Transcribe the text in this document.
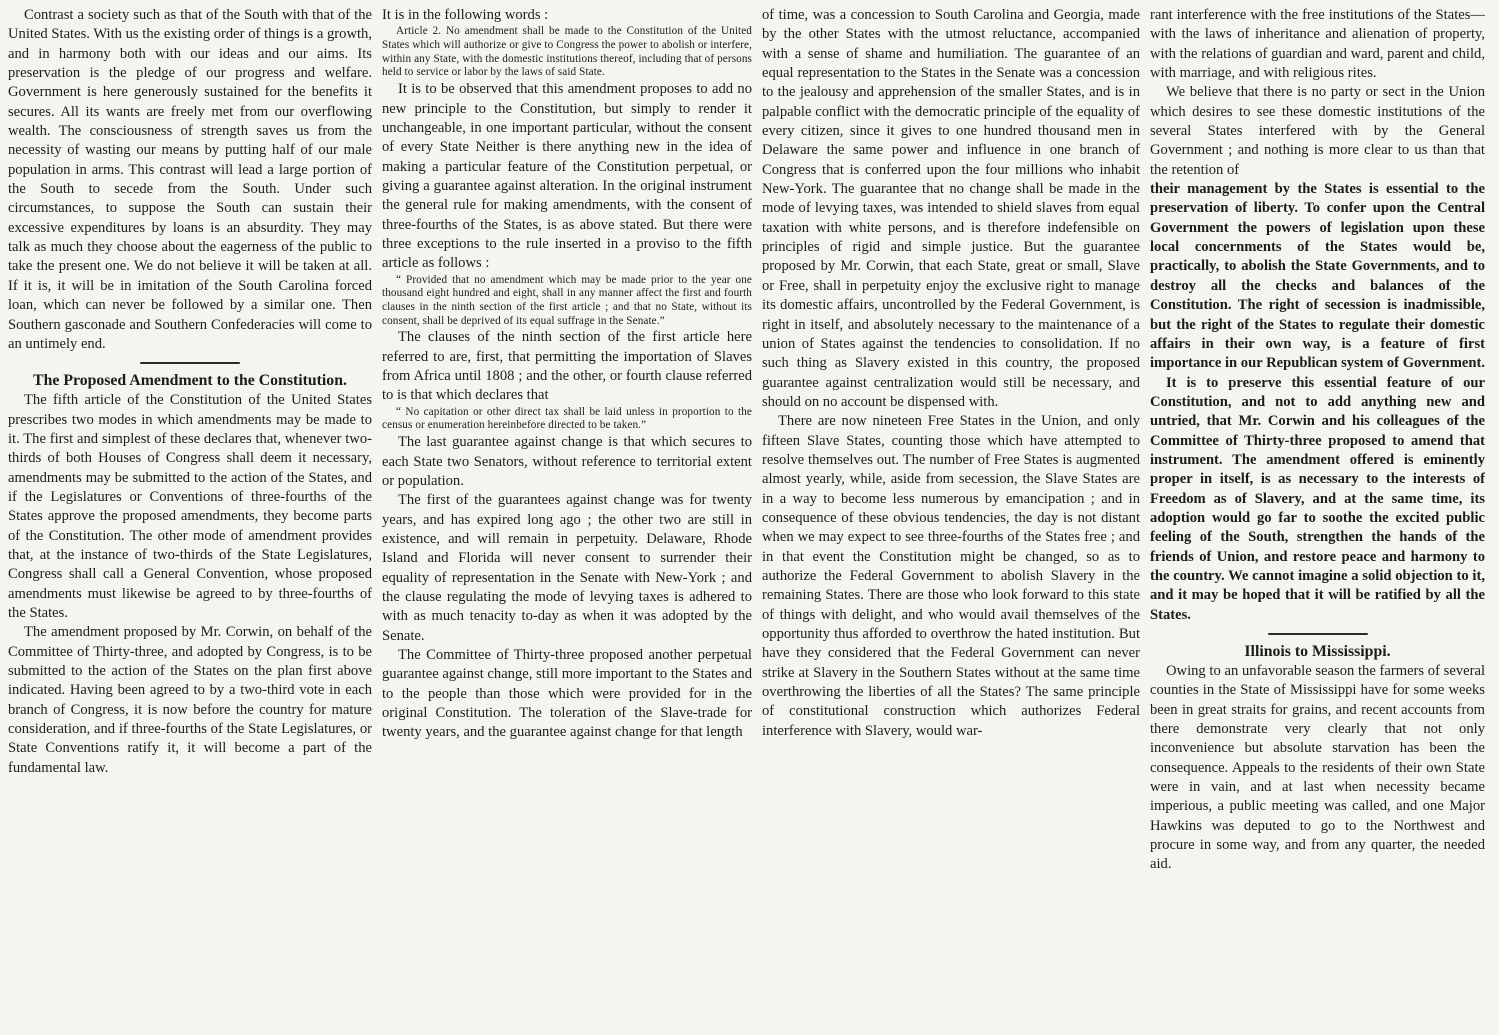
Contrast a society such as that of the South with that of the United States. With us the existing order of things is a growth, and in harmony both with our ideas and our aims. Its preservation is the pledge of our progress and welfare. Government is here generously sustained for the benefits it secures. All its wants are freely met from our overflowing wealth. The consciousness of strength saves us from the necessity of wasting our means by putting half of our male population in arms. This contrast will lead a large portion of the South to secede from the South. Under such circumstances, to suppose the South can sustain their excessive expenditures by loans is an absurdity. They may talk as much they choose about the eagerness of the public to take the present one. We do not believe it will be taken at all. If it is, it will be in imitation of the South Carolina forced loan, which can never be followed by a similar one. Then Southern gasconade and Southern Confederacies will come to an untimely end.

The Proposed Amendment to the Constitution.

The fifth article of the Constitution of the United States prescribes two modes in which amendments may be made to it. The first and simplest of these declares that, whenever two-thirds of both Houses of Congress shall deem it necessary, amendments may be submitted to the action of the States, and if the Legislatures or Conventions of three-fourths of the States approve the proposed amendments, they become parts of the Constitution. The other mode of amendment provides that, at the instance of two-thirds of the State Legislatures, Congress shall call a General Convention, whose proposed amendments must likewise be agreed to by three-fourths of the States.

The amendment proposed by Mr. Corwin, on behalf of the Committee of Thirty-three, and adopted by Congress, is to be submitted to the action of the States on the plan first above indicated. Having been agreed to by a two-third vote in each branch of Congress, it is now before the country for mature consideration, and if three-fourths of the State Legislatures, or State Conventions ratify it, it will become a part of the fundamental law.

It is in the following words :

Article 2. No amendment shall be made to the Constitution of the United States which will authorize or give to Congress the power to abolish or interfere, within any State, with the domestic institutions thereof, including that of persons held to service or labor by the laws of said State.

It is to be observed that this amendment proposes to add no new principle to the Constitution, but simply to render it unchangeable, in one important particular, without the consent of every State Neither is there anything new in the idea of making a particular feature of the Constitution perpetual, or giving a guarantee against alteration. In the original instrument the general rule for making amendments, with the consent of three-fourths of the States, is as above stated. But there were three exceptions to the rule inserted in a proviso to the fifth article as follows :

“ Provided that no amendment which may be made prior to the year one thousand eight hundred and eight, shall in any manner affect the first and fourth clauses in the ninth section of the first article ; and that no State, without its consent, shall be deprived of its equal suffrage in the Senate.”

The clauses of the ninth section of the first article here referred to are, first, that permitting the importation of Slaves from Africa until 1808 ; and the other, or fourth clause referred to is that which declares that

“ No capitation or other direct tax shall be laid unless in proportion to the census or enumeration hereinbefore directed to be taken.”

The last guarantee against change is that which secures to each State two Senators, without reference to territorial extent or population.

The first of the guarantees against change was for twenty years, and has expired long ago ; the other two are still in existence, and will remain in perpetuity. Delaware, Rhode Island and Florida will never consent to surrender their equality of representation in the Senate with New-York ; and the clause regulating the mode of levying taxes is adhered to with as much tenacity to-day as when it was adopted by the Senate.

The Committee of Thirty-three proposed another perpetual guarantee against change, still more important to the States and to the people than those which were provided for in the original Constitution. The toleration of the Slave-trade for twenty years, and the guarantee against change for that length

of time, was a concession to South Carolina and Georgia, made by the other States with the utmost reluctance, accompanied with a sense of shame and humiliation. The guarantee of an equal representation to the States in the Senate was a concession to the jealousy and apprehension of the smaller States, and is in palpable conflict with the democratic principle of the equality of every citizen, since it gives to one hundred thousand men in Delaware the same power and influence in one branch of Congress that is conferred upon the four millions who inhabit New-York. The guarantee that no change shall be made in the mode of levying taxes, was intended to shield slaves from equal taxation with white persons, and is therefore indefensible on principles of rigid and simple justice. But the guarantee proposed by Mr. Corwin, that each State, great or small, Slave or Free, shall in perpetuity enjoy the exclusive right to manage its domestic affairs, uncontrolled by the Federal Government, is right in itself, and absolutely necessary to the maintenance of a union of States against the tendencies to consolidation. If no such thing as Slavery existed in this country, the proposed guarantee against centralization would still be necessary, and should on no account be dispensed with.

There are now nineteen Free States in the Union, and only fifteen Slave States, counting those which have attempted to resolve themselves out. The number of Free States is augmented almost yearly, while, aside from secession, the Slave States are in a way to become less numerous by emancipation ; and in consequence of these obvious tendencies, the day is not distant when we may expect to see three-fourths of the States free ; and in that event the Constitution might be changed, so as to authorize the Federal Government to abolish Slavery in the remaining States. There are those who look forward to this state of things with delight, and who would avail themselves of the opportunity thus afforded to overthrow the hated institution. But have they considered that the Federal Government can never strike at Slavery in the Southern States without at the same time overthrowing the liberties of all the States? The same principle of constitutional construction which authorizes Federal interference with Slavery, would war-

rant interference with the free institutions of the States—with the laws of inheritance and alienation of property, with the relations of guardian and ward, parent and child, with marriage, and with religious rites.

We believe that there is no party or sect in the Union which desires to see these domestic institutions of the several States interfered with by the General Government ; and nothing is more clear to us than that the retention of

their management by the States is essential to the preservation of liberty. To confer upon the Central Government the powers of legislation upon these local concernments of the States would be, practically, to abolish the State Governments, and to destroy all the checks and balances of the Constitution. The right of secession is inadmissible, but the right of the States to regulate their domestic affairs in their own way, is a feature of first importance in our Republican system of Government.

It is to preserve this essential feature of our Constitution, and not to add anything new and untried, that Mr. Corwin and his colleagues of the Committee of Thirty-three proposed to amend that instrument. The amendment offered is eminently proper in itself, is as necessary to the interests of Freedom as of Slavery, and at the same time, its adoption would go far to soothe the excited public feeling of the South, strengthen the hands of the friends of Union, and restore peace and harmony to the country. We cannot imagine a solid objection to it, and it may be hoped that it will be ratified by all the States.

Illinois to Mississippi.

Owing to an unfavorable season the farmers of several counties in the State of Mississippi have for some weeks been in great straits for grains, and recent accounts from there demonstrate very clearly that not only inconvenience but absolute starvation has been the consequence. Appeals to the residents of their own State were in vain, and at last when necessity became imperious, a public meeting was called, and one Major Hawkins was deputed to go to the Northwest and procure in some way, and from any quarter, the needed aid.
